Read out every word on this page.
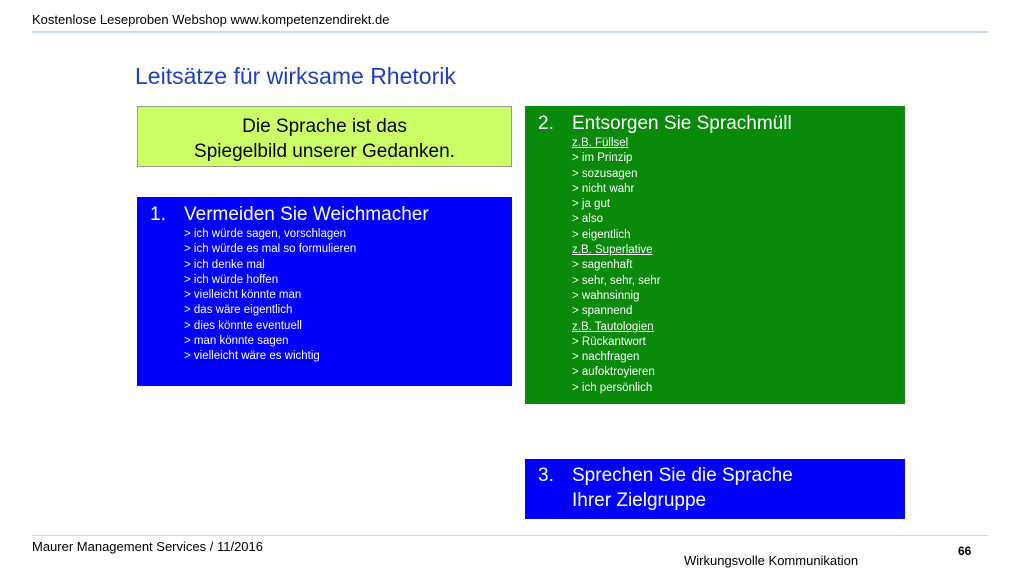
Kostenlose Leseproben Webshop www.kompetenzendirekt.de
Leitsätze für wirksame Rhetorik
Die Sprache ist das
Spiegelbild unserer Gedanken.
1. Vermeiden Sie Weichmacher
> ich würde sagen, vorschlagen
> ich würde es mal so formulieren
> ich denke mal
> ich würde hoffen
> vielleicht könnte man
> das wäre eigentlich
> dies könnte eventuell
> man könnte sagen
> vielleicht wäre es wichtig
2. Entsorgen Sie Sprachmüll
z.B. Füllsel
> im Prinzip
> sozusagen
> nicht wahr
> ja gut
> also
> eigentlich
z.B. Superlative
> sagenhaft
> sehr, sehr, sehr
> wahnsinnig
> spannend
z.B. Tautologien
> Rückantwort
> nachfragen
> aufoktroyieren
> ich persönlich
3. Sprechen Sie die Sprache
Ihrer Zielgruppe
Maurer Management Services / 11/2016	66
Wirkungsvolle Kommunikation
